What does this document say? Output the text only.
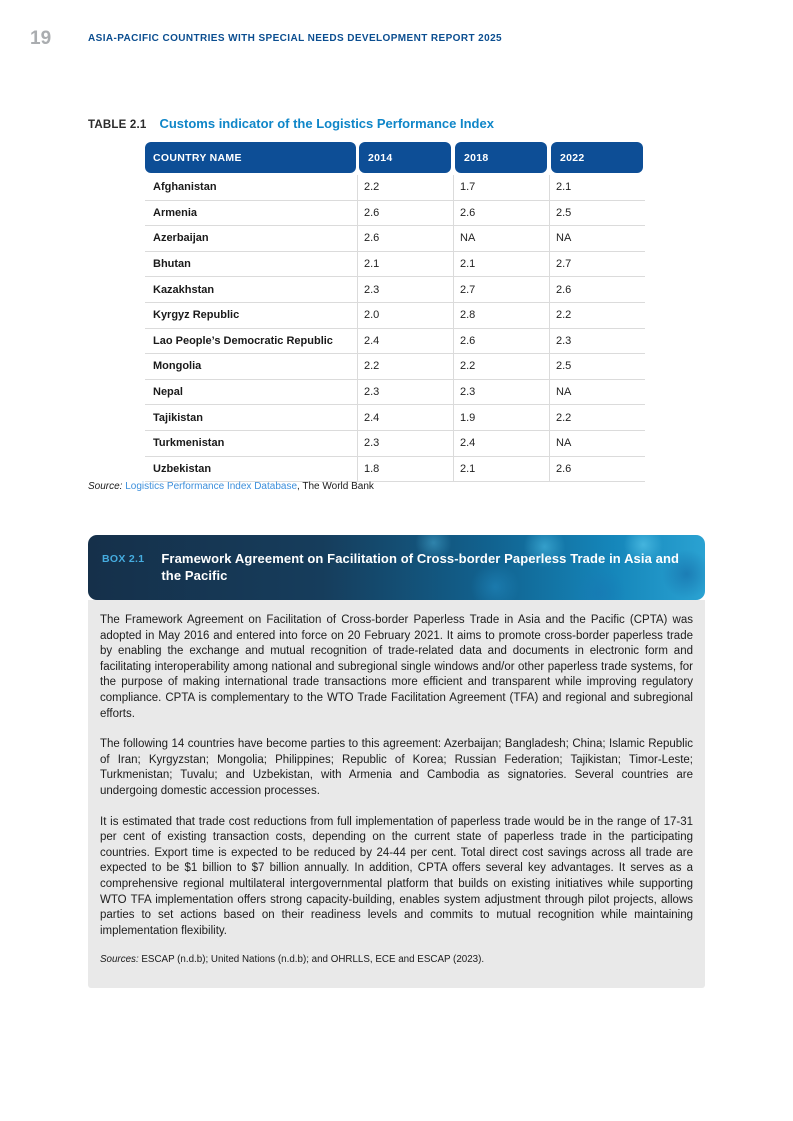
19	ASIA-PACIFIC COUNTRIES WITH SPECIAL NEEDS DEVELOPMENT REPORT 2025
TABLE 2.1 Customs indicator of the Logistics Performance Index
COUNTRY NAME	2014	2018	2022
Afghanistan	2.2	1.7	2.1
Armenia	2.6	2.6	2.5
Azerbaijan	2.6	NA	NA
Bhutan	2.1	2.1	2.7
Kazakhstan	2.3	2.7	2.6
Kyrgyz Republic	2.0	2.8	2.2
Lao People’s Democratic Republic	2.4	2.6	2.3
Mongolia	2.2	2.2	2.5
Nepal	2.3	2.3	NA
Tajikistan	2.4	1.9	2.2
Turkmenistan	2.3	2.4	NA
Uzbekistan	1.8	2.1	2.6

Source: Logistics Performance Index Database, The World Bank

BOX 2.1 Framework Agreement on Facilitation of Cross-border Paperless Trade in Asia and the Pacific

The Framework Agreement on Facilitation of Cross-border Paperless Trade in Asia and the Pacific (CPTA) was adopted in May 2016 and entered into force on 20 February 2021. It aims to promote cross-border paperless trade by enabling the exchange and mutual recognition of trade-related data and documents in electronic form and facilitating interoperability among national and subregional single windows and/or other paperless trade systems, for the purpose of making international trade transactions more efficient and transparent while improving regulatory compliance. CPTA is complementary to the WTO Trade Facilitation Agreement (TFA) and regional and subregional efforts.

The following 14 countries have become parties to this agreement: Azerbaijan; Bangladesh; China; Islamic Republic of Iran; Kyrgyzstan; Mongolia; Philippines; Republic of Korea; Russian Federation; Tajikistan; Timor-Leste; Turkmenistan; Tuvalu; and Uzbekistan, with Armenia and Cambodia as signatories. Several countries are undergoing domestic accession processes.

It is estimated that trade cost reductions from full implementation of paperless trade would be in the range of 17-31 per cent of existing transaction costs, depending on the current state of paperless trade in the participating countries. Export time is expected to be reduced by 24-44 per cent. Total direct cost savings across all trade are expected to be $1 billion to $7 billion annually. In addition, CPTA offers several key advantages. It serves as a comprehensive regional multilateral intergovernmental platform that builds on existing initiatives while supporting WTO TFA implementation offers strong capacity-building, enables system adjustment through pilot projects, allows parties to set actions based on their readiness levels and commits to mutual recognition while maintaining implementation flexibility.

Sources: ESCAP (n.d.b); United Nations (n.d.b); and OHRLLS, ECE and ESCAP (2023).
